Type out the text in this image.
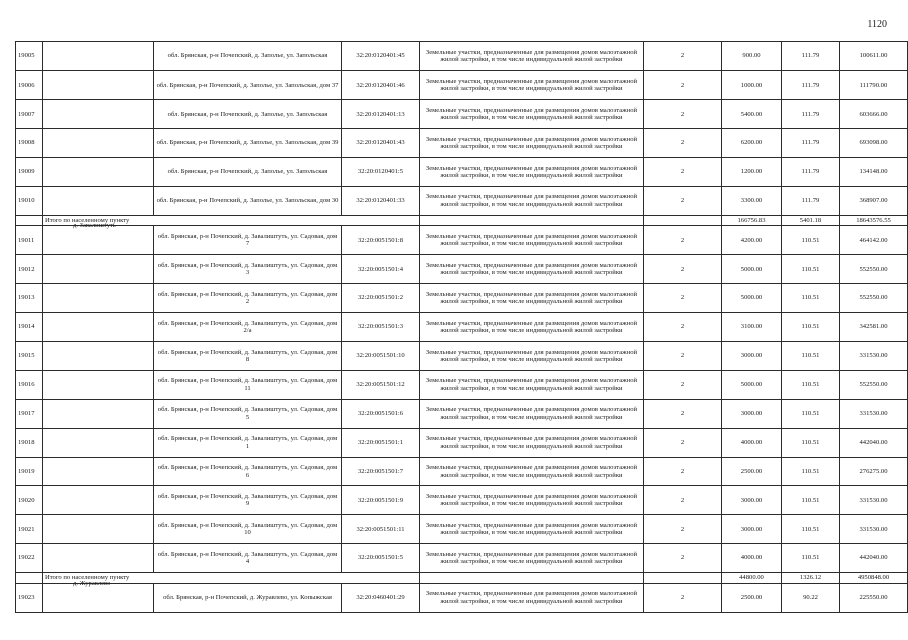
1120
19005		обл. Брянская, р-н Почепский, д. Заполье, ул. Запольская	32:20:0120401:45	Земельные участки, предназначенные для размещения домов малоэтажной жилой застройки, в том числе индивидуальной жилой застройки	2	900.00	111.79	100611.00
19006		обл. Брянская, р-н Почепский, д. Заполье, ул. Запольская, дом 37	32:20:0120401:46	Земельные участки, предназначенные для размещения домов малоэтажной жилой застройки, в том числе индивидуальной жилой застройки	2	1000.00	111.79	111790.00
19007		обл. Брянская, р-н Почепский, д. Заполье, ул. Запольская	32:20:0120401:13	Земельные участки, предназначенные для размещения домов малоэтажной жилой застройки, в том числе индивидуальной жилой застройки	2	5400.00	111.79	603666.00
19008		обл. Брянская, р-н Почепский, д. Заполье, ул. Запольская, дом 39	32:20:0120401:43	Земельные участки, предназначенные для размещения домов малоэтажной жилой застройки, в том числе индивидуальной жилой застройки	2	6200.00	111.79	693098.00
19009		обл. Брянская, р-н Почепский, д. Заполье, ул. Запольская	32:20:0120401:5	Земельные участки, предназначенные для размещения домов малоэтажной жилой застройки, в том числе индивидуальной жилой застройки	2	1200.00	111.79	134148.00
19010		обл. Брянская, р-н Почепский, д. Заполье, ул. Запольская, дом 30	32:20:0120401:33	Земельные участки, предназначенные для размещения домов малоэтажной жилой застройки, в том числе индивидуальной жилой застройки	2	3300.00	111.79	368907.00
	Итого по населенному пункту					166756.83	5401.18	18643576.55
19011	д. Завалиштуть	обл. Брянская, р-н Почепский, д. Завалиштуть, ул. Садовая, дом 7	32:20:0051501:8	Земельные участки, предназначенные для размещения домов малоэтажной жилой застройки, в том числе индивидуальной жилой застройки	2	4200.00	110.51	464142.00
19012		обл. Брянская, р-н Почепский, д. Завалиштуть, ул. Садовая, дом 3	32:20:0051501:4	Земельные участки, предназначенные для размещения домов малоэтажной жилой застройки, в том числе индивидуальной жилой застройки	2	5000.00	110.51	552550.00
19013		обл. Брянская, р-н Почепский, д. Завалиштуть, ул. Садовая, дом 2	32:20:0051501:2	Земельные участки, предназначенные для размещения домов малоэтажной жилой застройки, в том числе индивидуальной жилой застройки	2	5000.00	110.51	552550.00
19014		обл. Брянская, р-н Почепский, д. Завалиштуть, ул. Садовая, дом 2/а	32:20:0051501:3	Земельные участки, предназначенные для размещения домов малоэтажной жилой застройки, в том числе индивидуальной жилой застройки	2	3100.00	110.51	342581.00
19015		обл. Брянская, р-н Почепский, д. Завалиштуть, ул. Садовая, дом 8	32:20:0051501:10	Земельные участки, предназначенные для размещения домов малоэтажной жилой застройки, в том числе индивидуальной жилой застройки	2	3000.00	110.51	331530.00
19016		обл. Брянская, р-н Почепский, д. Завалиштуть, ул. Садовая, дом 11	32:20:0051501:12	Земельные участки, предназначенные для размещения домов малоэтажной жилой застройки, в том числе индивидуальной жилой застройки	2	5000.00	110.51	552550.00
19017		обл. Брянская, р-н Почепский, д. Завалиштуть, ул. Садовая, дом 5	32:20:0051501:6	Земельные участки, предназначенные для размещения домов малоэтажной жилой застройки, в том числе индивидуальной жилой застройки	2	3000.00	110.51	331530.00
19018		обл. Брянская, р-н Почепский, д. Завалиштуть, ул. Садовая, дом 1	32:20:0051501:1	Земельные участки, предназначенные для размещения домов малоэтажной жилой застройки, в том числе индивидуальной жилой застройки	2	4000.00	110.51	442040.00
19019		обл. Брянская, р-н Почепский, д. Завалиштуть, ул. Садовая, дом 6	32:20:0051501:7	Земельные участки, предназначенные для размещения домов малоэтажной жилой застройки, в том числе индивидуальной жилой застройки	2	2500.00	110.51	276275.00
19020		обл. Брянская, р-н Почепский, д. Завалиштуть, ул. Садовая, дом 9	32:20:0051501:9	Земельные участки, предназначенные для размещения домов малоэтажной жилой застройки, в том числе индивидуальной жилой застройки	2	3000.00	110.51	331530.00
19021		обл. Брянская, р-н Почепский, д. Завалиштуть, ул. Садовая, дом 10	32:20:0051501:11	Земельные участки, предназначенные для размещения домов малоэтажной жилой застройки, в том числе индивидуальной жилой застройки	2	3000.00	110.51	331530.00
19022		обл. Брянская, р-н Почепский, д. Завалиштуть, ул. Садовая, дом 4	32:20:0051501:5	Земельные участки, предназначенные для размещения домов малоэтажной жилой застройки, в том числе индивидуальной жилой застройки	2	4000.00	110.51	442040.00
	Итого по населенному пункту					44800.00	1326.12	4950848.00
19023	д. Журавлево	обл. Брянская, р-н Почепский, д. Журавлево, ул. Копыжская	32:20:0460401:29	Земельные участки, предназначенные для размещения домов малоэтажной жилой застройки, в том числе индивидуальной жилой застройки	2	2500.00	90.22	225550.00
